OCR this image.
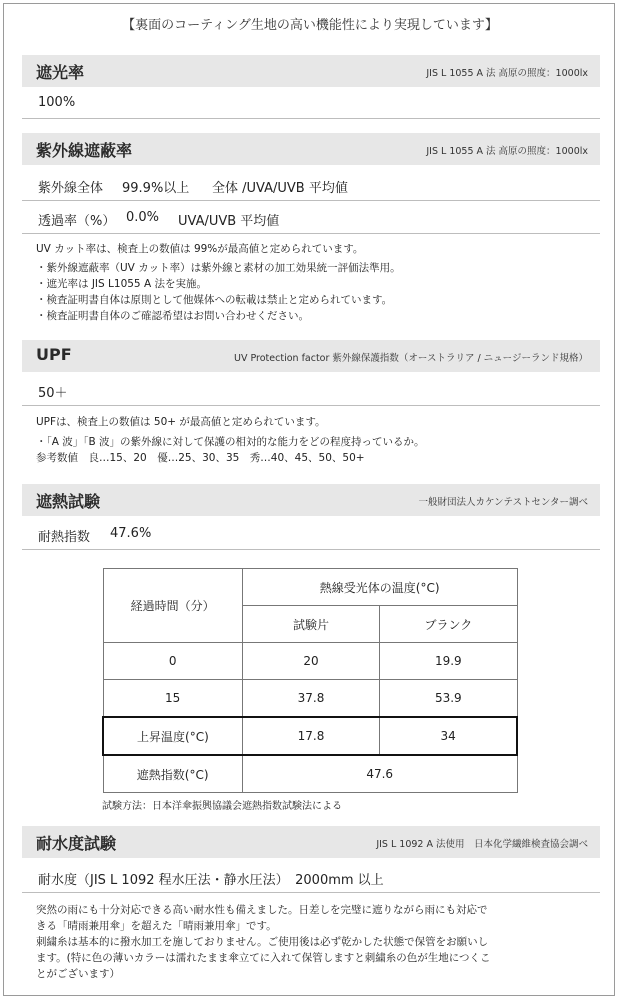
【裏面のコーティング生地の高い機能性により実現しています】
遮光率	JIS L 1055 A 法 高原の照度：1000lx
100%
紫外線遮蔽率	JIS L 1055 A 法 高原の照度：1000lx
紫外線全体 99.9%以上 全体 /UVA/UVB 平均値
透過率（%） 0.0% UVA/UVB 平均値
UV カット率は、検査上の数値は 99%が最高値と定められています。
・紫外線遮蔽率（UV カット率）は紫外線と素材の加工効果統一評価法準用。
・遮光率は JIS L1055 A 法を実施。
・検査証明書自体は原則として他媒体への転載は禁止と定められています。
・検査証明書自体のご確認希望はお問い合わせください。
UPF	UV Protection factor 紫外線保護指数（オーストラリア / ニュージーランド規格）
50＋
UPFは、検査上の数値は 50+ が最高値と定められています。
・「A 波」「B 波」の紫外線に対して保護の相対的な能力をどの程度持っているか。
参考数値　良…15、20　優…25、30、35　秀…40、45、50、50+
遮熱試験	一般財団法人カケンテストセンター調べ
耐熱指数 47.6%
経過時間（分）	熱線受光体の温度(°C)	
	試験片	ブランク
0	20	19.9
15	37.8	53.9
上昇温度(°C)	17.8	34
遮熱指数(°C)	47.6	
試験方法：日本洋傘振興協議会遮熱指数試験法による
耐水度試験	JIS L 1092 A 法使用　日本化学繊維検査協会調べ
耐水度（JIS L 1092 程水圧法・静水圧法）　2000mm 以上
突然の雨にも十分対応できる高い耐水性も備えました。日差しを完璧に遮りながら雨にも対応で
きる「晴雨兼用傘」を超えた「晴雨兼用傘」です。
刺繍糸は基本的に撥水加工を施しておりません。ご使用後は必ず乾かした状態で保管をお願いし
ます。(特に色の薄いカラーは濡れたまま傘立てに入れて保管しますと刺繍糸の色が生地につくこ
とがございます）
